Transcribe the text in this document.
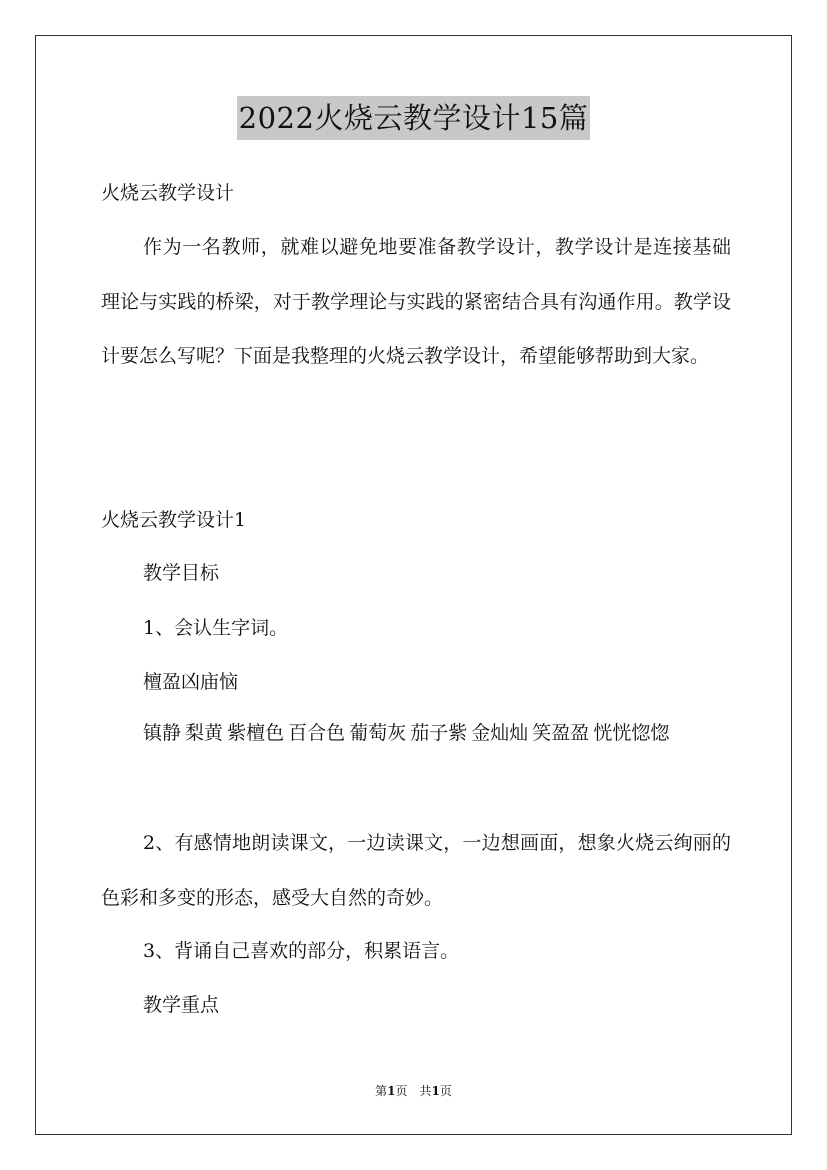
2022火烧云教学设计15篇

火烧云教学设计

作为一名教师，就难以避免地要准备教学设计，教学设计是连接基础理论与实践的桥梁，对于教学理论与实践的紧密结合具有沟通作用。教学设计要怎么写呢？下面是我整理的火烧云教学设计，希望能够帮助到大家。

火烧云教学设计1

教学目标

1、会认生字词。

檀盈凶庙恼

镇静 梨黄 紫檀色 百合色 葡萄灰 茄子紫 金灿灿 笑盈盈 恍恍惚惚

2、有感情地朗读课文，一边读课文，一边想画面，想象火烧云绚丽的色彩和多变的形态，感受大自然的奇妙。

3、背诵自己喜欢的部分，积累语言。

教学重点

第1页　共1页
